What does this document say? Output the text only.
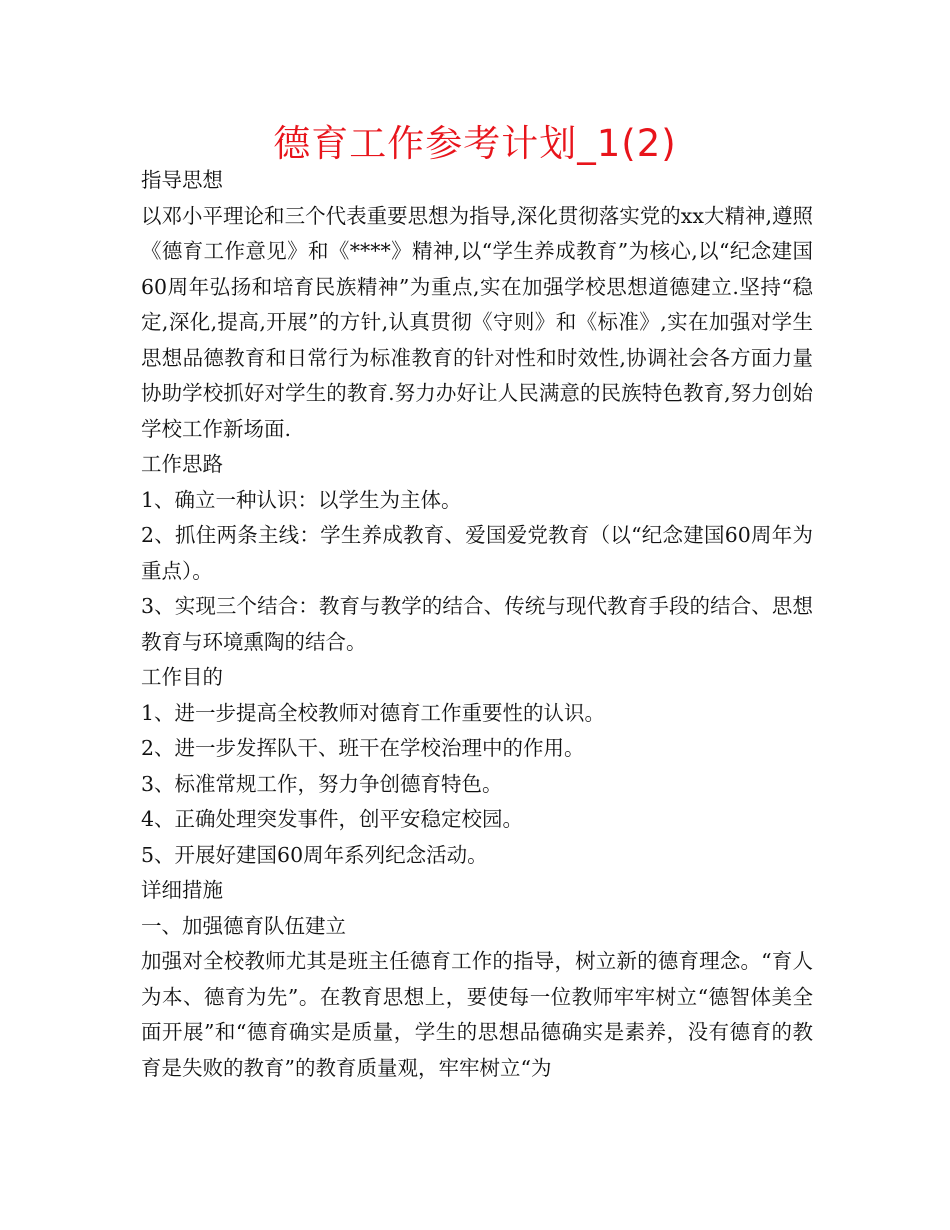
德育工作参考计划_1(2)

指导思想

以邓小平理论和三个代表重要思想为指导,深化贯彻落实党的xx大精神,遵照《德育工作意见》和《****》精神,以“学生养成教育”为核心,以“纪念建国60周年弘扬和培育民族精神”为重点,实在加强学校思想道德建立.坚持“稳定,深化,提高,开展”的方针,认真贯彻《守则》和《标准》,实在加强对学生思想品德教育和日常行为标准教育的针对性和时效性,协调社会各方面力量协助学校抓好对学生的教育.努力办好让人民满意的民族特色教育,努力创始学校工作新场面.

工作思路

1、确立一种认识：以学生为主体。

2、抓住两条主线：学生养成教育、爱国爱党教育（以“纪念建国60周年为重点）。

3、实现三个结合：教育与教学的结合、传统与现代教育手段的结合、思想教育与环境熏陶的结合。

工作目的

1、进一步提高全校教师对德育工作重要性的认识。

2、进一步发挥队干、班干在学校治理中的作用。

3、标准常规工作，努力争创德育特色。

4、正确处理突发事件，创平安稳定校园。

5、开展好建国60周年系列纪念活动。

详细措施

一、加强德育队伍建立

加强对全校教师尤其是班主任德育工作的指导，树立新的德育理念。“育人为本、德育为先”。在教育思想上，要使每一位教师牢牢树立“德智体美全面开展”和“德育确实是质量，学生的思想品德确实是素养，没有德育的教育是失败的教育”的教育质量观，牢牢树立“为
